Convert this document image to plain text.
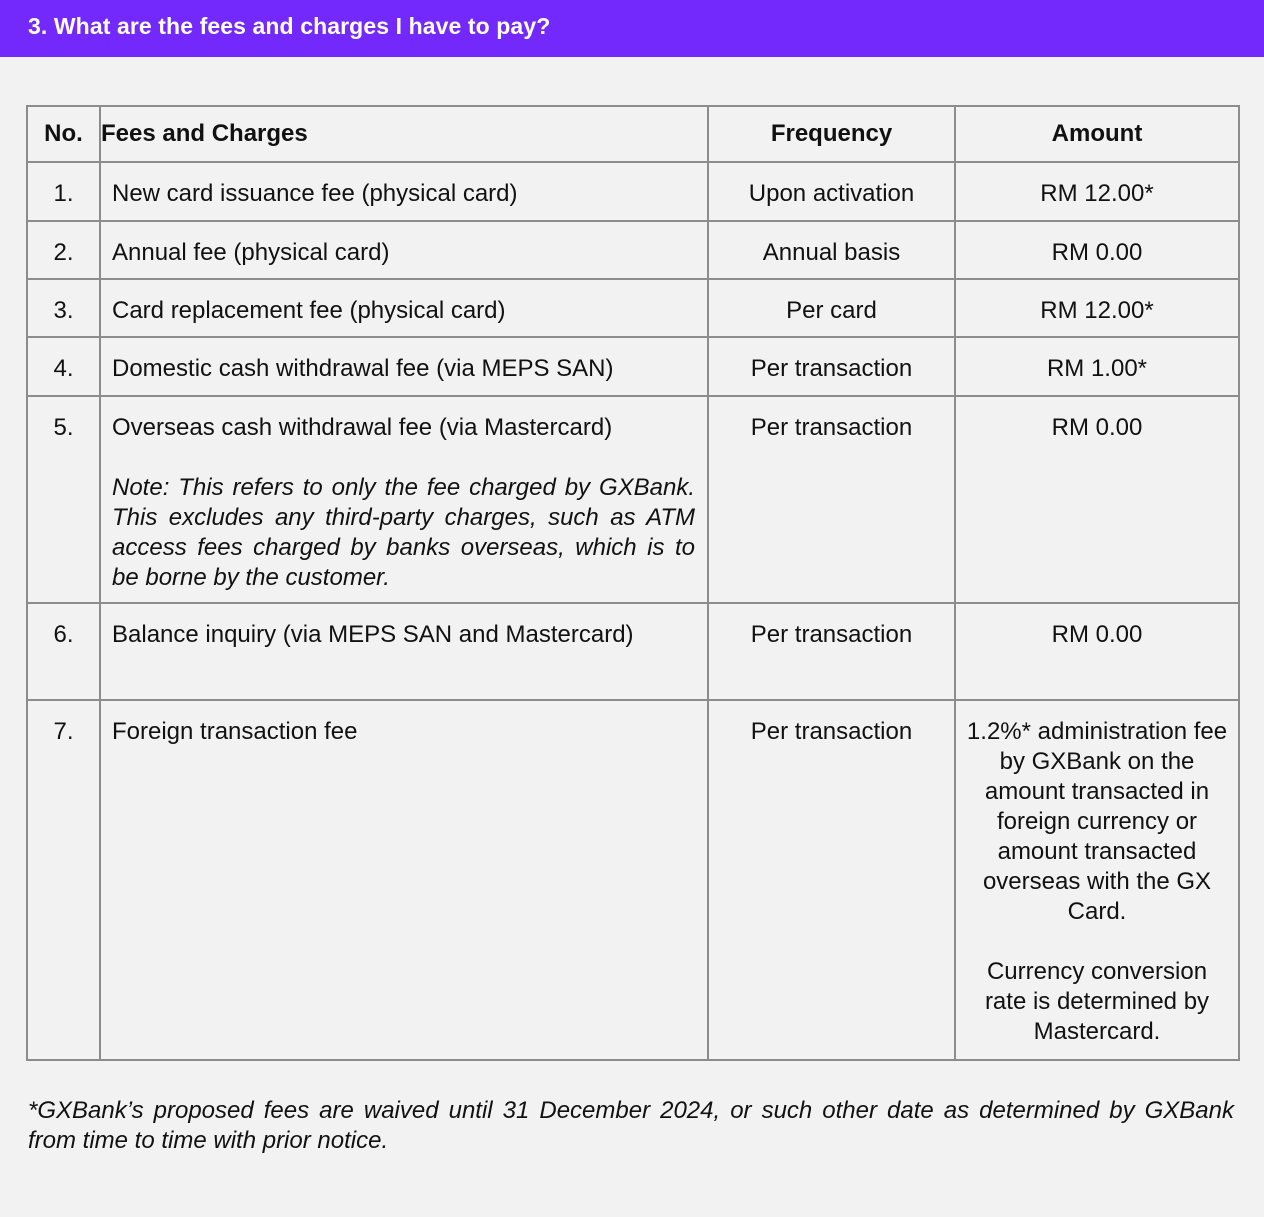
3. What are the fees and charges I have to pay?
No.	Fees and Charges	Frequency	Amount

1.	New card issuance fee (physical card)	Upon activation	RM 12.00*

2.	Annual fee (physical card)	Annual basis	RM 0.00

3.	Card replacement fee (physical card)	Per card	RM 12.00*

4.	Domestic cash withdrawal fee (via MEPS SAN)	Per transaction	RM 1.00*

5.	Overseas cash withdrawal fee (via Mastercard)
Note: This refers to only the fee charged by GXBank. This excludes any third-party charges, such as ATM access fees charged by banks overseas, which is to be borne by the customer.	Per transaction	RM 0.00

6.	Balance inquiry (via MEPS SAN and Mastercard)	Per transaction	RM 0.00

7.	Foreign transaction fee	Per transaction	1.2%* administration fee by GXBank on the amount transacted in foreign currency or amount transacted overseas with the GX Card.
Currency conversion rate is determined by Mastercard.
*GXBank’s proposed fees are waived until 31 December 2024, or such other date as determined by GXBank from time to time with prior notice.
